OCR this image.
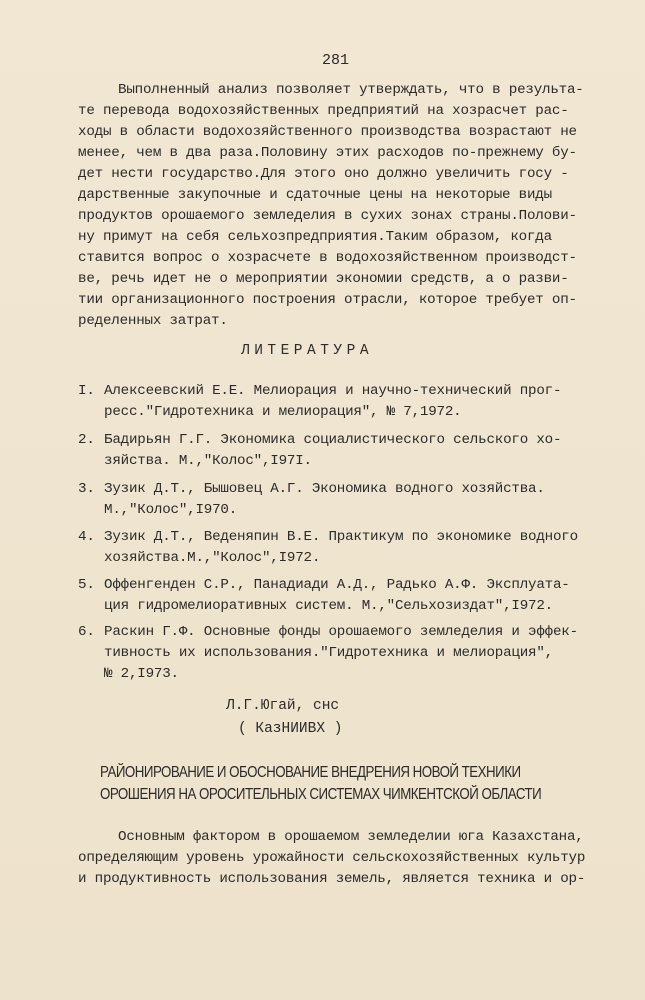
281
Выполненный анализ позволяет утверждать, что в результа-
те перевода водохозяйственных предприятий на хозрасчет рас-
ходы в области водохозяйственного производства возрастают не
менее, чем в два раза.Половину этих расходов по-прежнему бу-
дет нести государство.Для этого оно должно увеличить госу -
дарственные закупочные и сдаточные цены на некоторые виды
продуктов орошаемого земледелия в сухих зонах страны.Полови-
ну примут на себя сельхозпредприятия.Таким образом, когда
ставится вопрос о хозрасчете в водохозяйственном производст-
ве, речь идет не о мероприятии экономии средств, а о разви-
тии организационного построения отрасли, которое требует оп-
ределенных затрат.
ЛИТЕРАТУРА
I. Алексеевский Е.Е. Мелиорация и научно-технический прог-
ресс."Гидротехника и мелиорация", № 7,1972.
2. Бадирьян Г.Г. Экономика социалистического сельского хо-
зяйства. М.,"Колос",I97I.
3. Зузик Д.Т., Бышовец А.Г. Экономика водного хозяйства.
М.,"Колос",I970.
4. Зузик Д.Т., Веденяпин В.Е. Практикум по экономике водного
хозяйства.М.,"Колос",I972.
5. Оффенгенден С.Р., Панадиади А.Д., Радько А.Ф. Эксплуата-
ция гидромелиоративных систем. М.,"Сельхозиздат",I972.
6. Раскин Г.Ф. Основные фонды орошаемого земледелия и эффек-
тивность их использования."Гидротехника и мелиорация",
№ 2,I973.
Л.Г.Югай, снс
( КазНИИВХ )
РАЙОНИРОВАНИЕ И ОБОСНОВАНИЕ ВНЕДРЕНИЯ НОВОЙ ТЕХНИКИ
ОРОШЕНИЯ НА ОРОСИТЕЛЬНЫХ СИСТЕМАХ ЧИМКЕНТСКОЙ ОБЛАСТИ
Основным фактором в орошаемом земледелии юга Казахстана,
определяющим уровень урожайности сельскохозяйственных культур
и продуктивность использования земель, является техника и ор-
